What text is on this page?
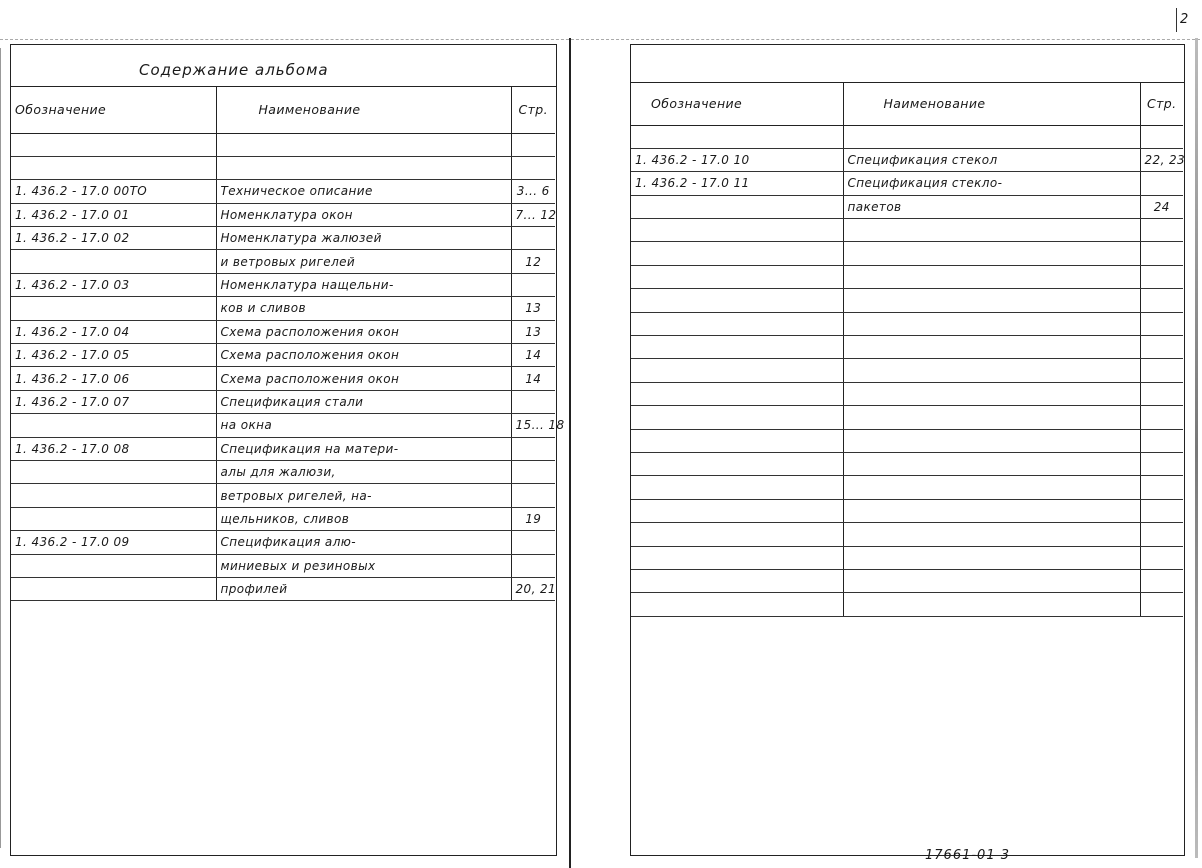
2
Содержание альбома
Обозначение	Наименование	Стр.

1. 436.2 - 17.0 00ТО	Техническое описание	3... 6
1. 436.2 - 17.0 01	Номенклатура окон	7... 12
1. 436.2 - 17.0 02	Номенклатура жалюзей	
	и ветровых ригелей	12
1. 436.2 - 17.0 03	Номенклатура нащельни-	
	ков и сливов	13
1. 436.2 - 17.0 04	Схема расположения окон	13
1. 436.2 - 17.0 05	Схема расположения окон	14
1. 436.2 - 17.0 06	Схема расположения окон	14
1. 436.2 - 17.0 07	Спецификация стали	
	на окна	15... 18
1. 436.2 - 17.0 08	Спецификация на матери-	
	алы для жалюзи,	
	ветровых ригелей, на-	
	щельников, сливов	19
1. 436.2 - 17.0 09	Спецификация алю-	
	миниевых и резиновых	
	профилей	20, 21
Обозначение	Наименование	Стр.

1. 436.2 - 17.0 10	Спецификация стекол	22, 23
1. 436.2 - 17.0 11	Спецификация стекло-	
	пакетов	24

17661-01 3
